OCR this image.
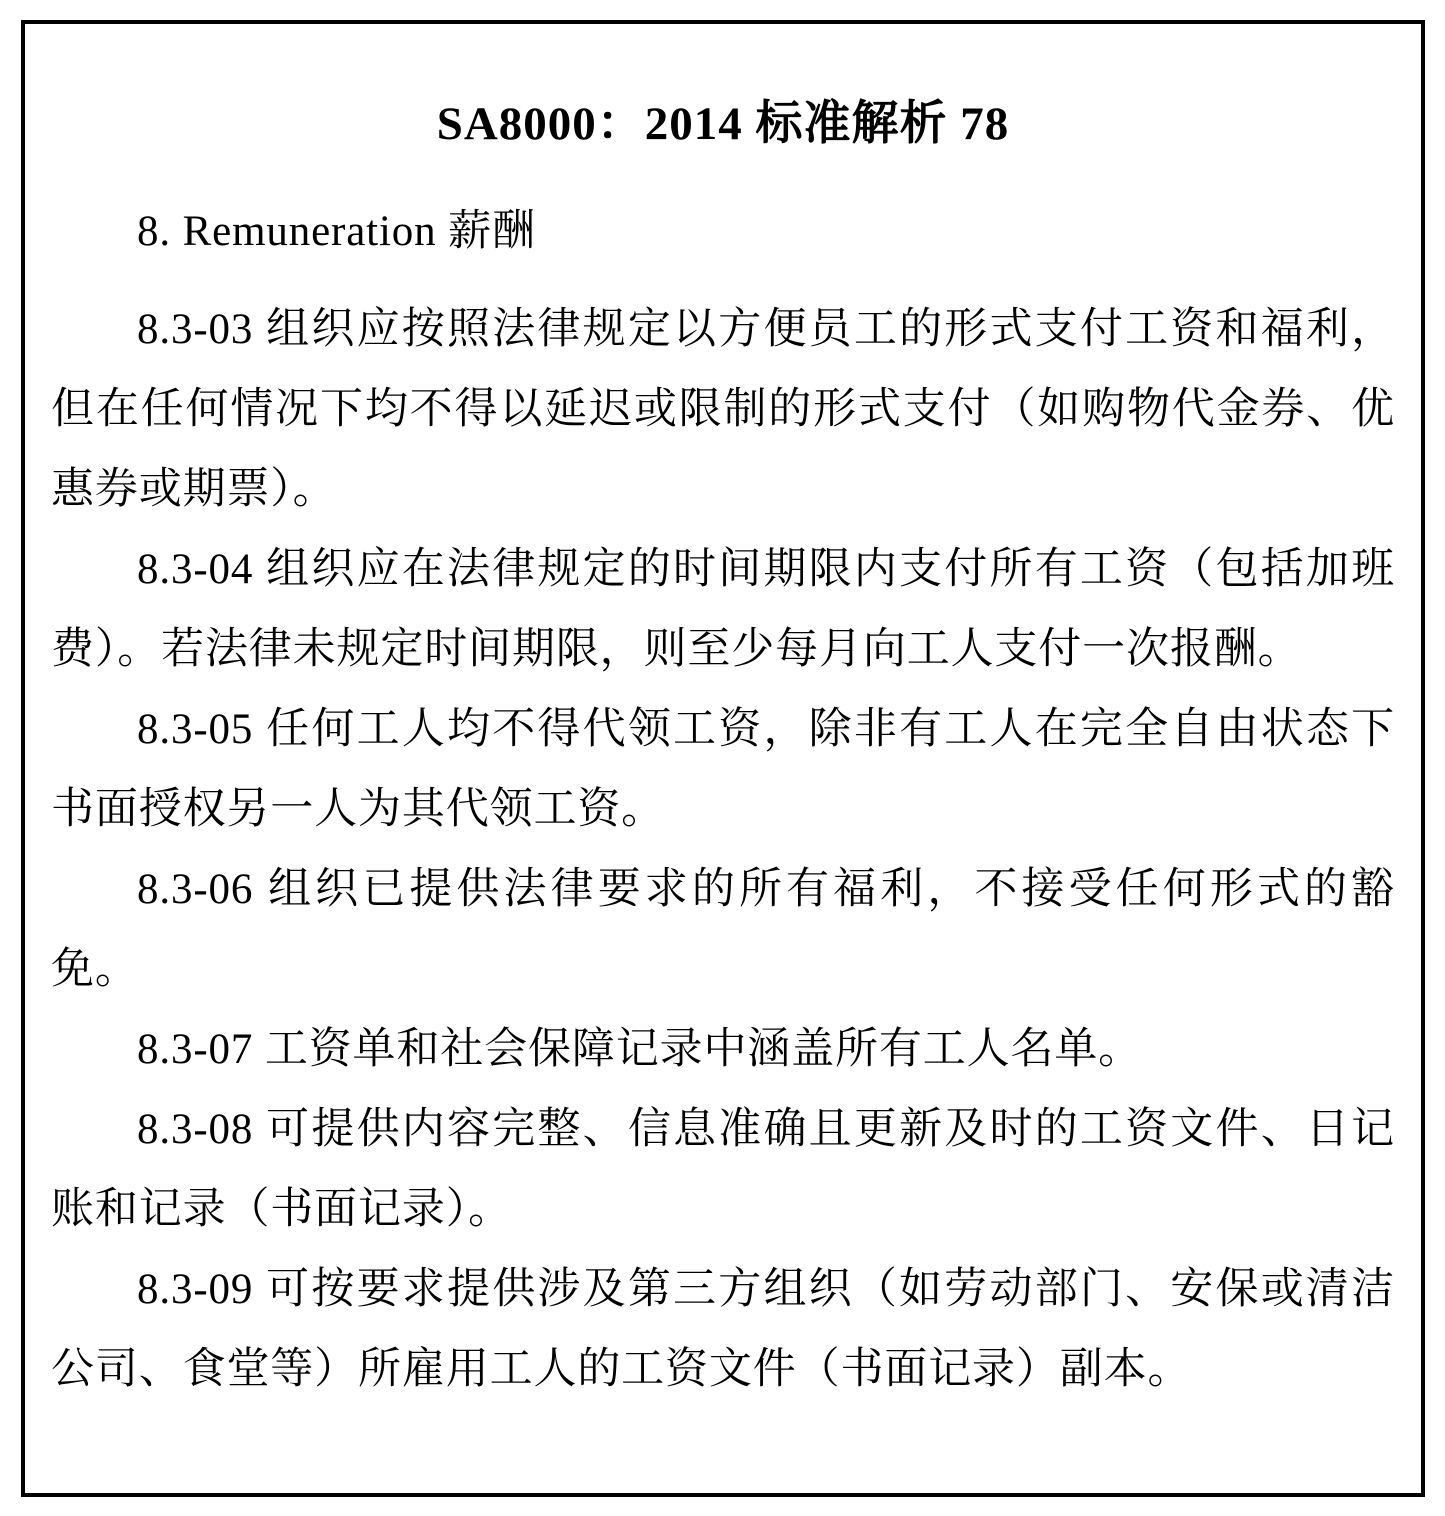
SA8000：2014 标准解析 78

8. Remuneration 薪酬

8.3-03 组织应按照法律规定以方便员工的形式支付工资和福利，但在任何情况下均不得以延迟或限制的形式支付（如购物代金券、优惠券或期票）。

8.3-04 组织应在法律规定的时间期限内支付所有工资（包括加班费）。若法律未规定时间期限，则至少每月向工人支付一次报酬。

8.3-05 任何工人均不得代领工资，除非有工人在完全自由状态下书面授权另一人为其代领工资。

8.3-06 组织已提供法律要求的所有福利，不接受任何形式的豁免。

8.3-07 工资单和社会保障记录中涵盖所有工人名单。

8.3-08 可提供内容完整、信息准确且更新及时的工资文件、日记账和记录（书面记录）。

8.3-09 可按要求提供涉及第三方组织（如劳动部门、安保或清洁公司、食堂等）所雇用工人的工资文件（书面记录）副本。
